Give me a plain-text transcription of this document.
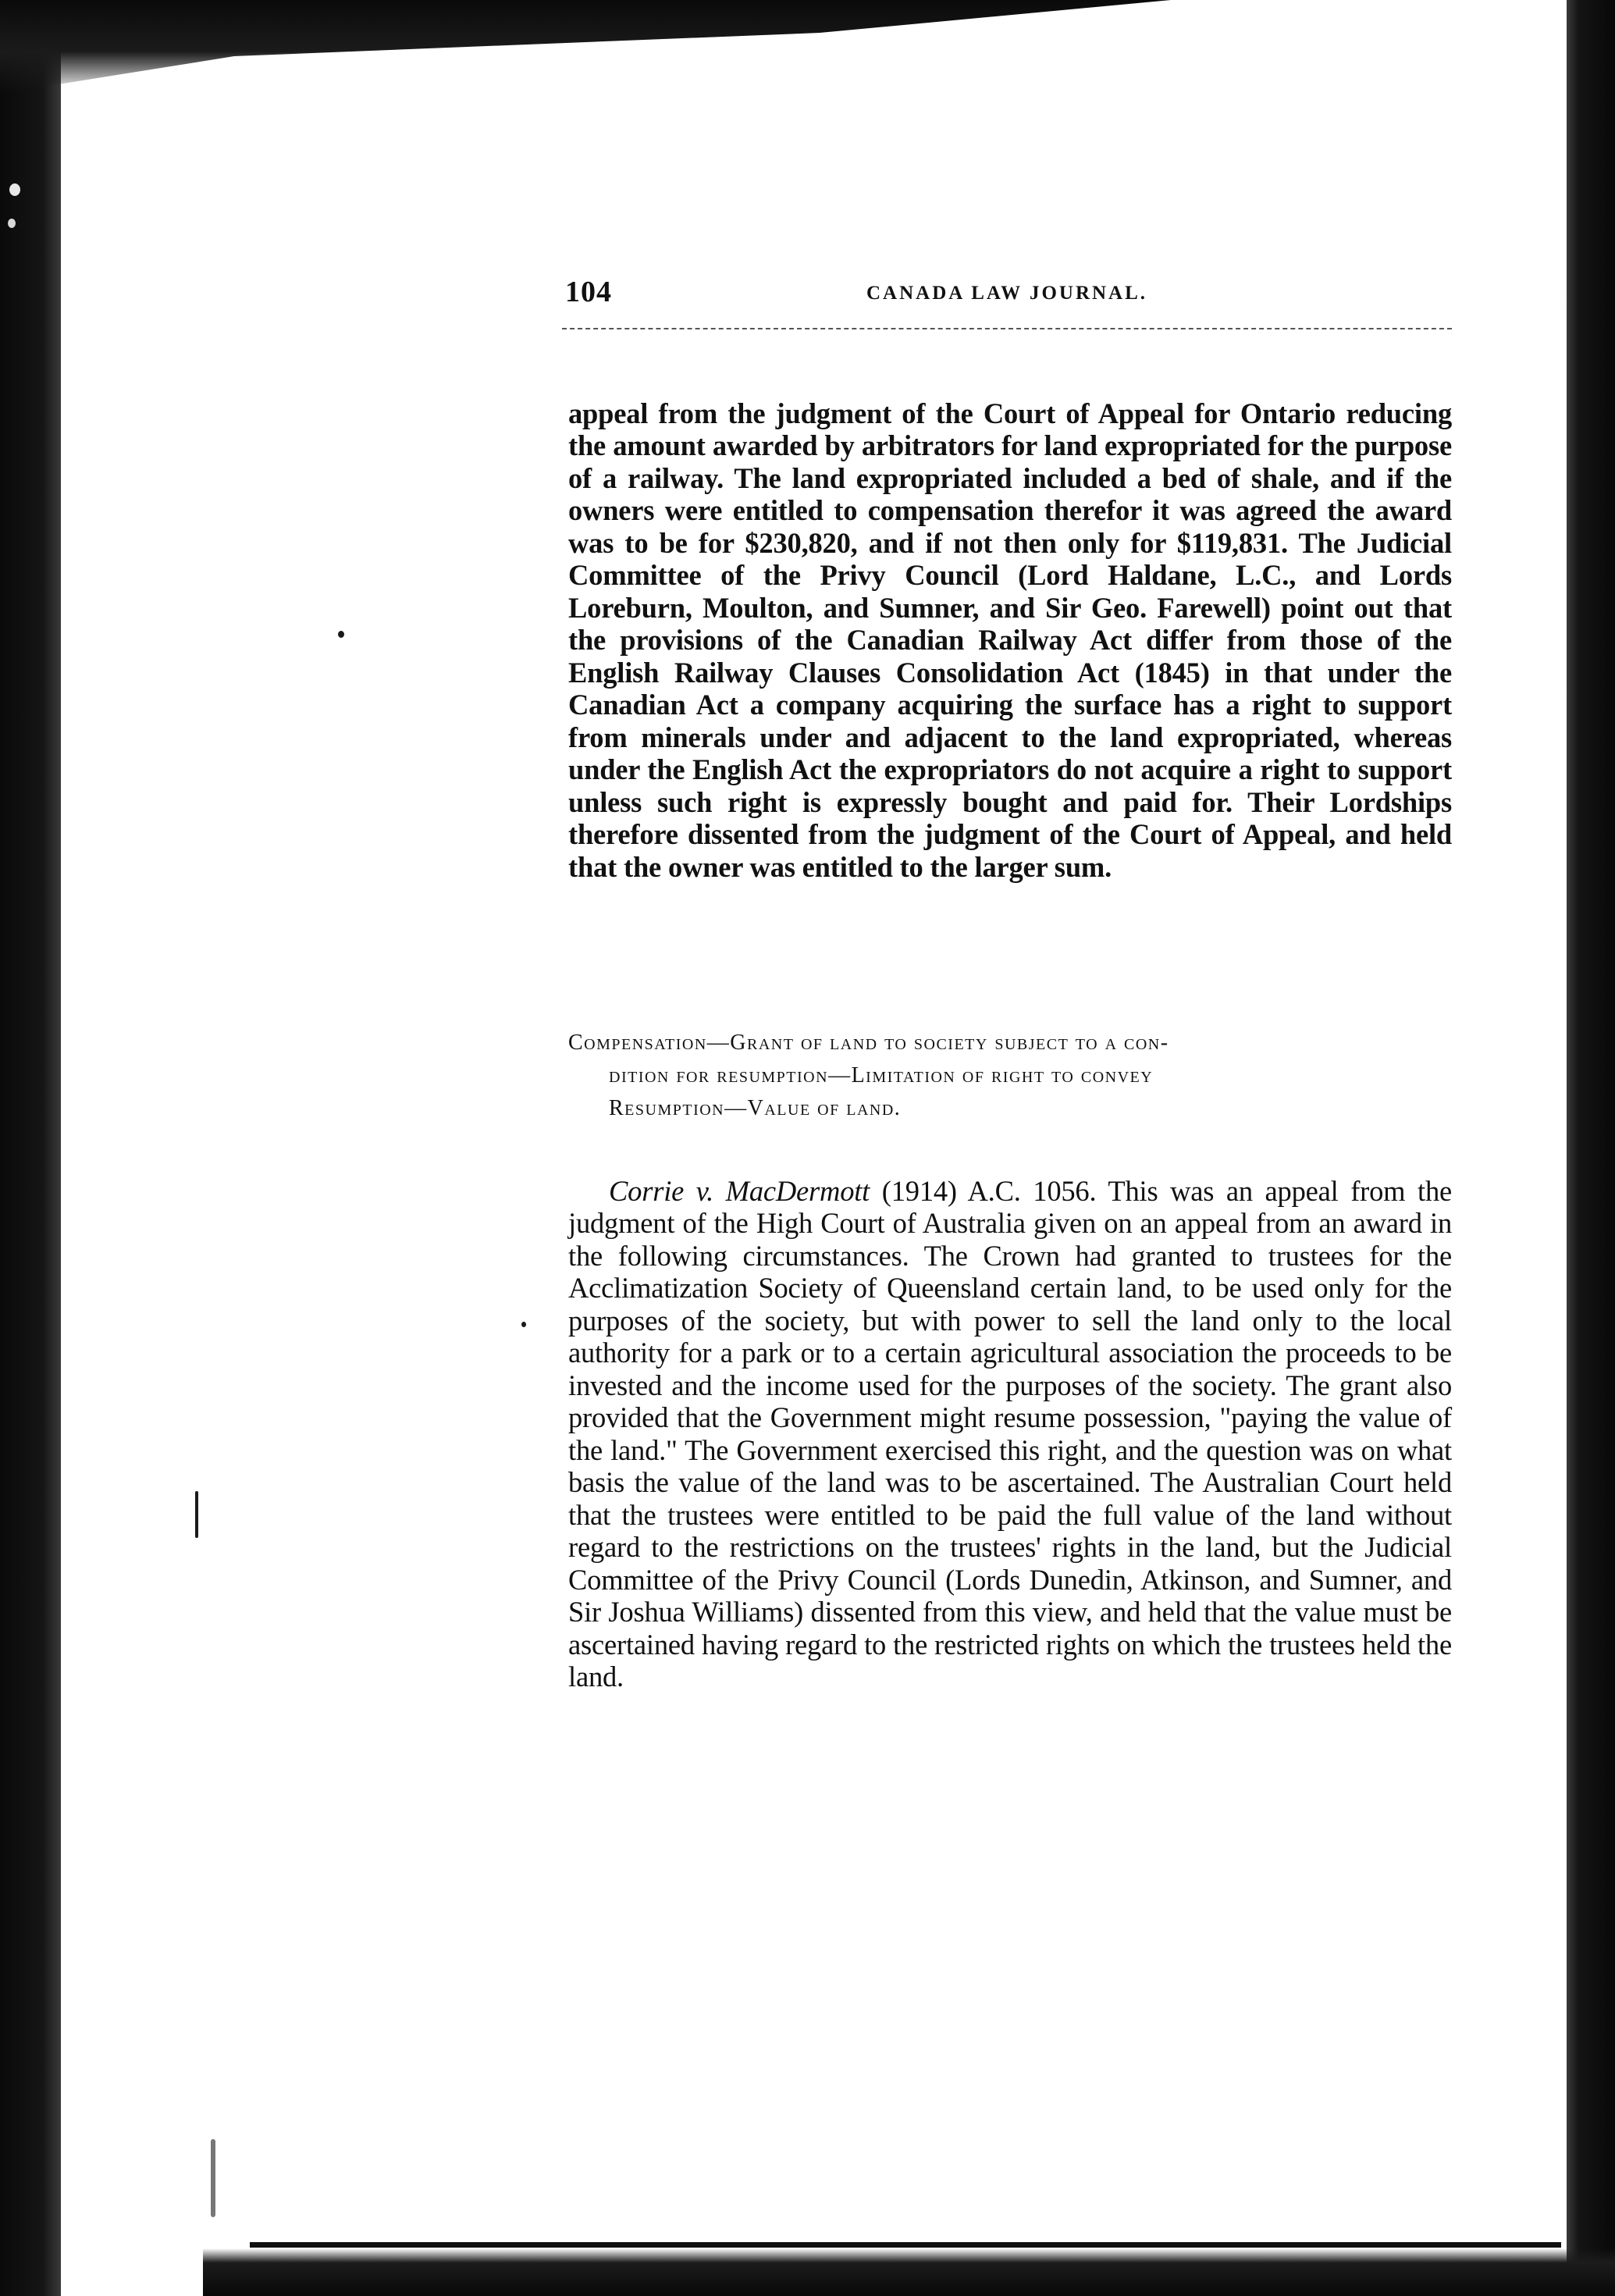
104	CANADA LAW JOURNAL.

appeal from the judgment of the Court of Appeal for Ontario reducing the amount awarded by arbitrators for land expropriated for the purpose of a railway. The land expropriated included a bed of shale, and if the owners were entitled to compensation therefor it was agreed the award was to be for $230,820, and if not then only for $119,831. The Judicial Committee of the Privy Council (Lord Haldane, L.C., and Lords Loreburn, Moulton, and Sumner, and Sir Geo. Farewell) point out that the provisions of the Canadian Railway Act differ from those of the English Railway Clauses Consolidation Act (1845) in that under the Canadian Act a company acquiring the surface has a right to support from minerals under and adjacent to the land expropriated, whereas under the English Act the expropriators do not acquire a right to support unless such right is expressly bought and paid for. Their Lordships therefore dissented from the judgment of the Court of Appeal, and held that the owner was entitled to the larger sum.

Compensation—Grant of land to society subject to a con-
dition for resumption—Limitation of right to convey
Resumption—Value of land.

Corrie v. MacDermott (1914) A.C. 1056. This was an appeal from the judgment of the High Court of Australia given on an appeal from an award in the following circumstances. The Crown had granted to trustees for the Acclimatization Society of Queensland certain land, to be used only for the purposes of the society, but with power to sell the land only to the local authority for a park or to a certain agricultural association the proceeds to be invested and the income used for the purposes of the society. The grant also provided that the Government might resume possession, "paying the value of the land." The Government exercised this right, and the question was on what basis the value of the land was to be ascertained. The Australian Court held that the trustees were entitled to be paid the full value of the land without regard to the restrictions on the trustees' rights in the land, but the Judicial Committee of the Privy Council (Lords Dunedin, Atkinson, and Sumner, and Sir Joshua Williams) dissented from this view, and held that the value must be ascertained having regard to the restricted rights on which the trustees held the land.
